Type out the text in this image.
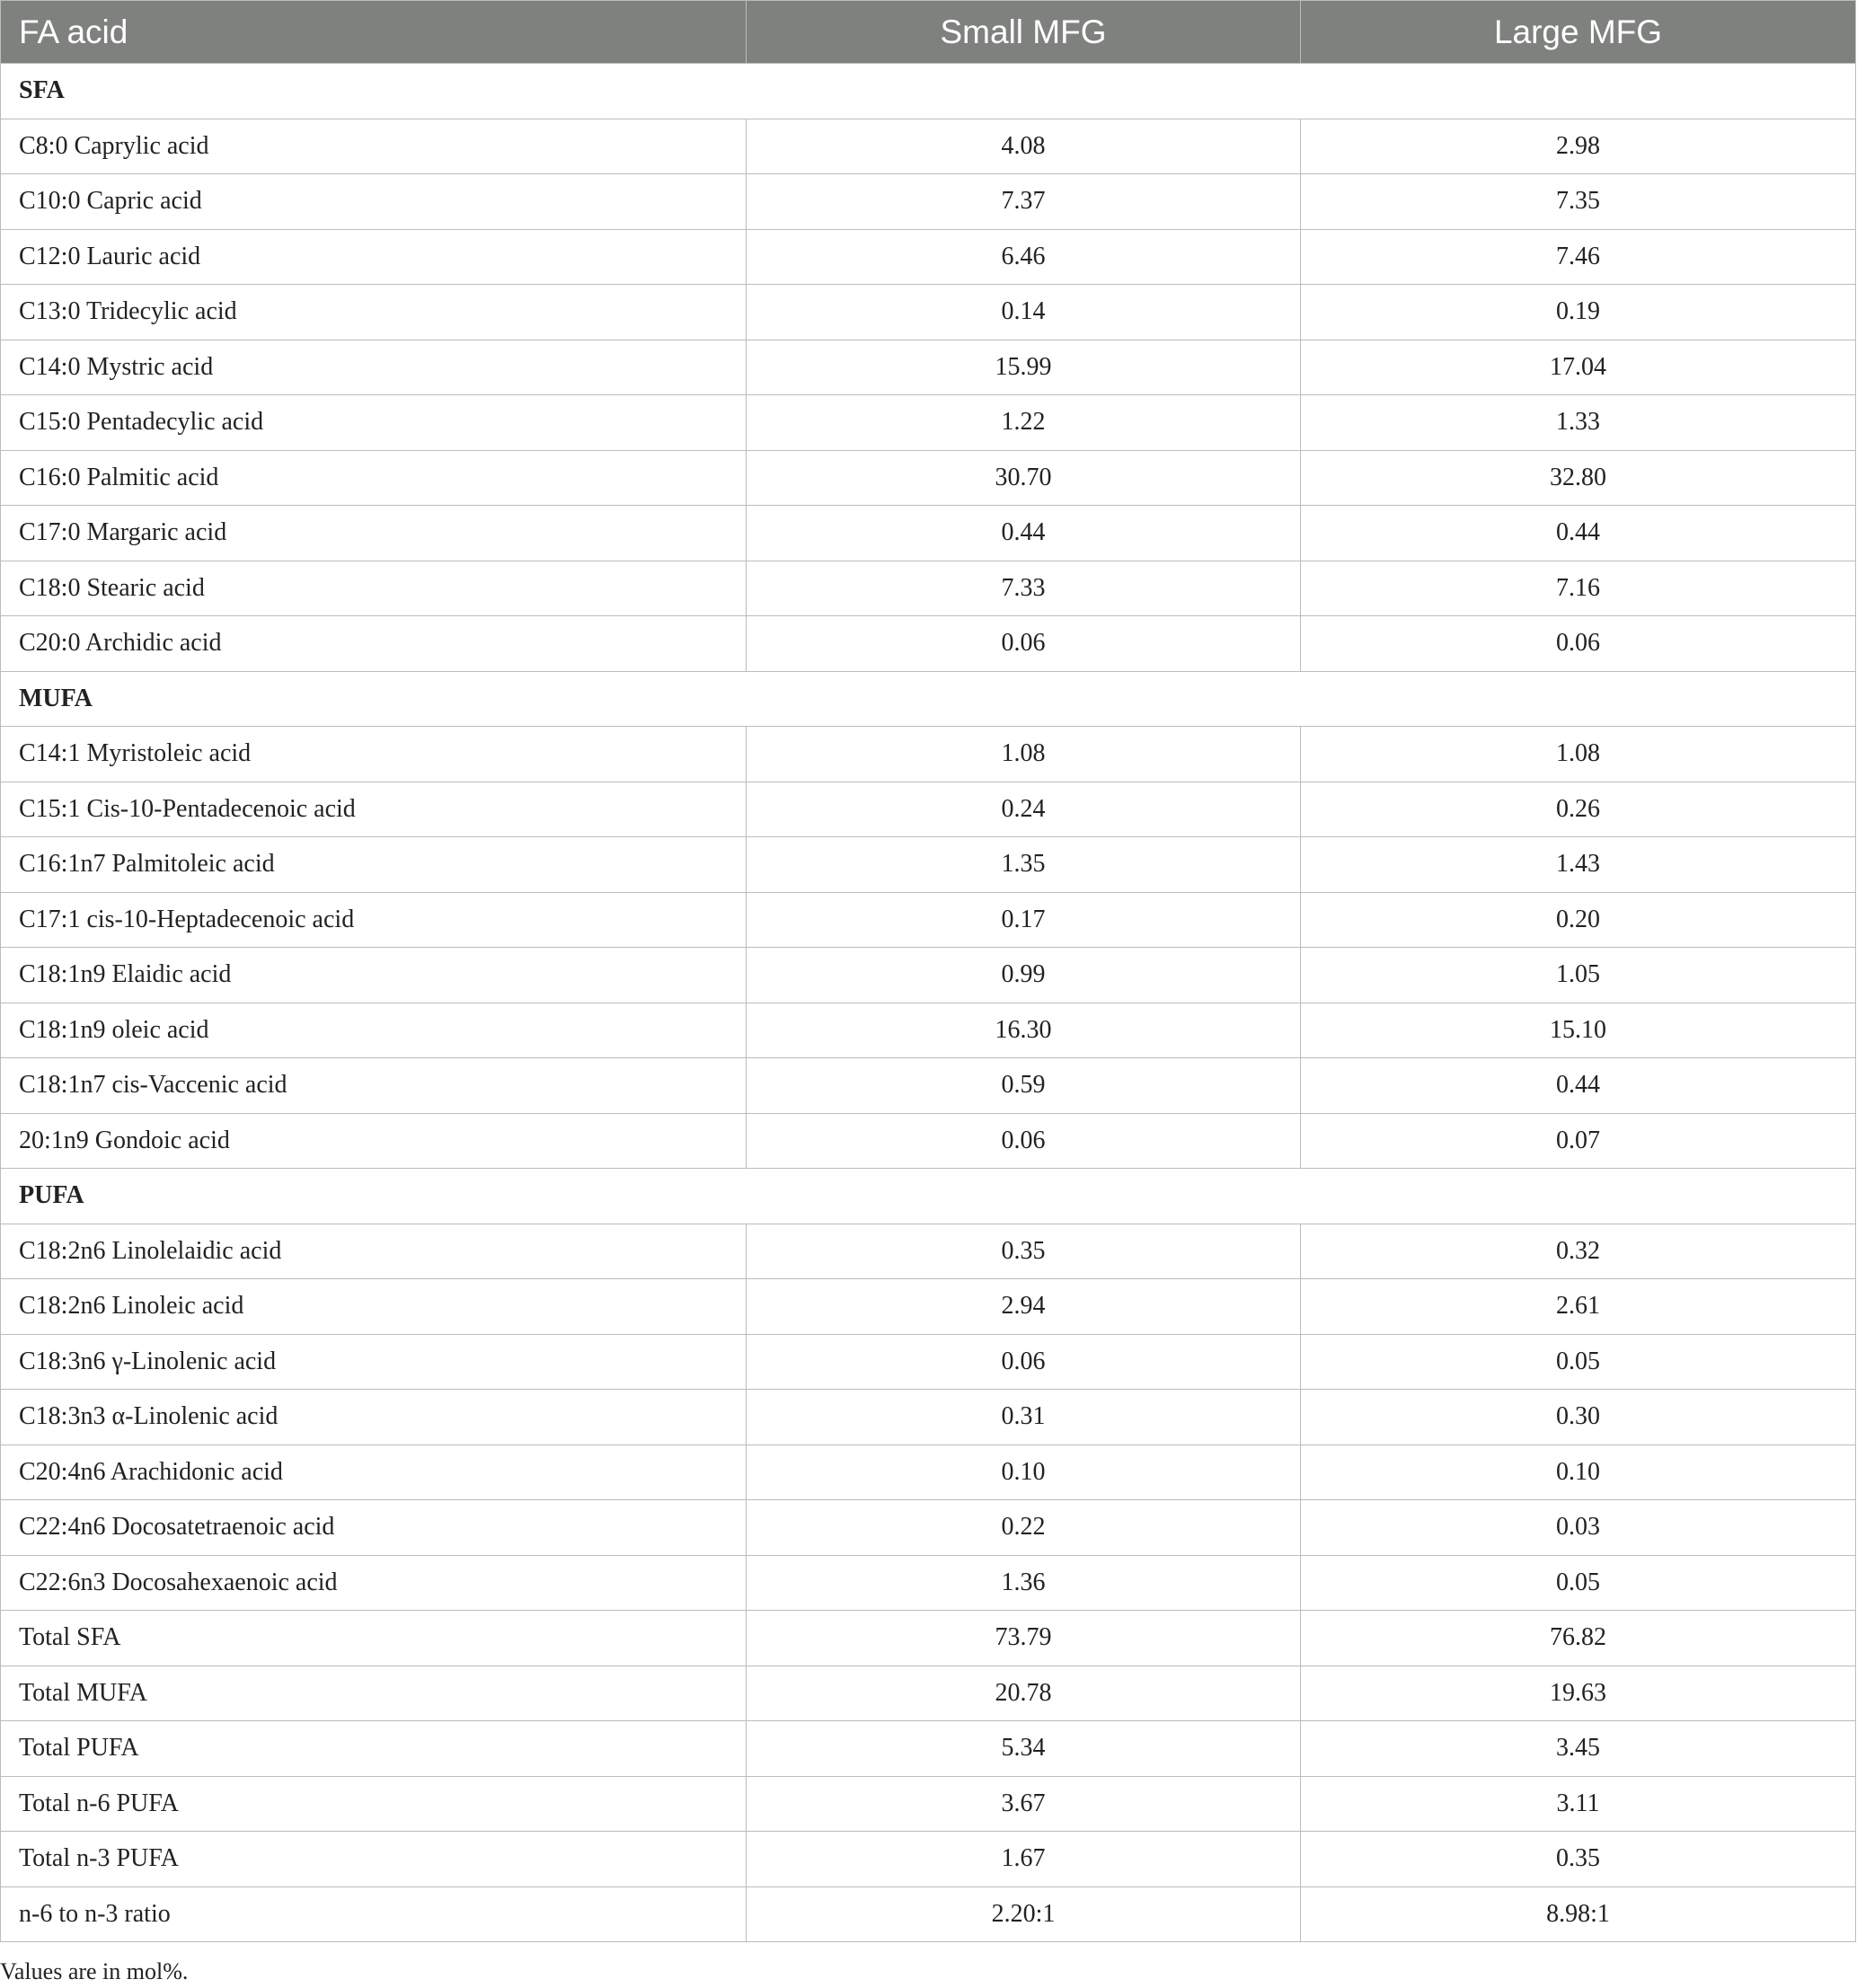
FA acid	Small MFG	Large MFG
SFA		
C8:0 Caprylic acid	4.08	2.98
C10:0 Capric acid	7.37	7.35
C12:0 Lauric acid	6.46	7.46
C13:0 Tridecylic acid	0.14	0.19
C14:0 Mystric acid	15.99	17.04
C15:0 Pentadecylic acid	1.22	1.33
C16:0 Palmitic acid	30.70	32.80
C17:0 Margaric acid	0.44	0.44
C18:0 Stearic acid	7.33	7.16
C20:0 Archidic acid	0.06	0.06
MUFA		
C14:1 Myristoleic acid	1.08	1.08
C15:1 Cis-10-Pentadecenoic acid	0.24	0.26
C16:1n7 Palmitoleic acid	1.35	1.43
C17:1 cis-10-Heptadecenoic acid	0.17	0.20
C18:1n9 Elaidic acid	0.99	1.05
C18:1n9 oleic acid	16.30	15.10
C18:1n7 cis-Vaccenic acid	0.59	0.44
20:1n9 Gondoic acid	0.06	0.07
PUFA		
C18:2n6 Linolelaidic acid	0.35	0.32
C18:2n6 Linoleic acid	2.94	2.61
C18:3n6 γ-Linolenic acid	0.06	0.05
C18:3n3 α-Linolenic acid	0.31	0.30
C20:4n6 Arachidonic acid	0.10	0.10
C22:4n6 Docosatetraenoic acid	0.22	0.03
C22:6n3 Docosahexaenoic acid	1.36	0.05
Total SFA	73.79	76.82
Total MUFA	20.78	19.63
Total PUFA	5.34	3.45
Total n-6 PUFA	3.67	3.11
Total n-3 PUFA	1.67	0.35
n-6 to n-3 ratio	2.20:1	8.98:1
Values are in mol%.
